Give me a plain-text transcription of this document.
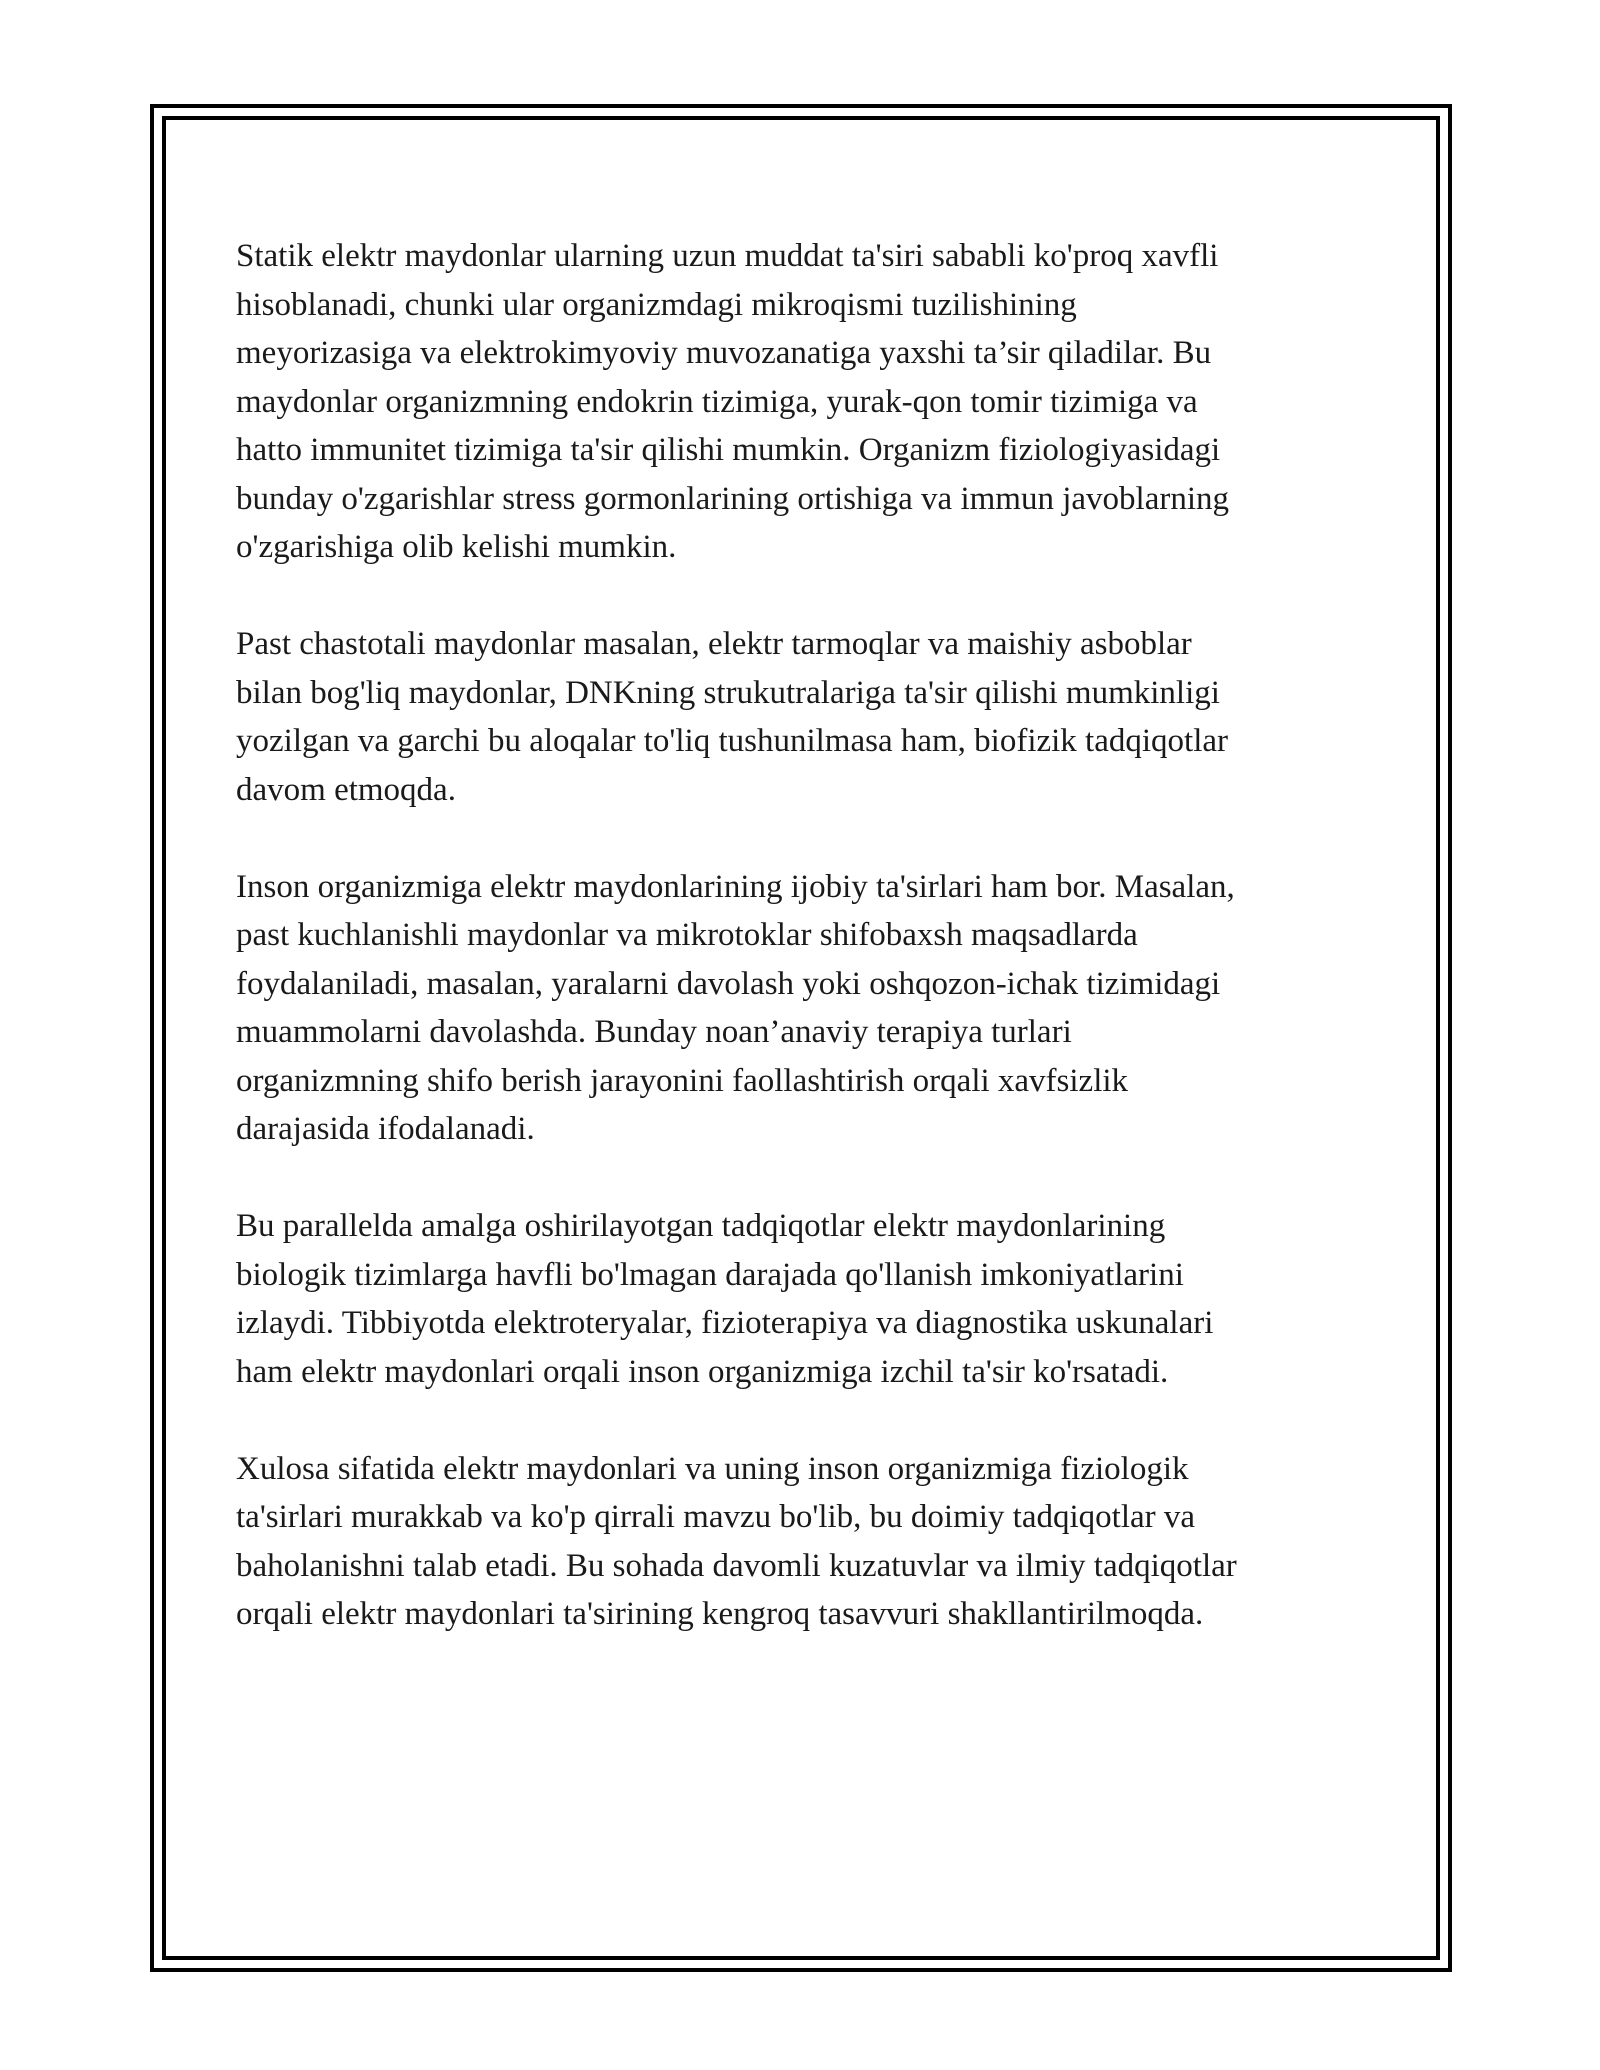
Statik elektr maydonlar ularning uzun muddat ta'siri sababli ko'proq xavfli
hisoblanadi, chunki ular organizmdagi mikroqismi tuzilishining
meyorizasiga va elektrokimyoviy muvozanatiga yaxshi ta’sir qiladilar. Bu
maydonlar organizmning endokrin tizimiga, yurak-qon tomir tizimiga va
hatto immunitet tizimiga ta'sir qilishi mumkin. Organizm fiziologiyasidagi
bunday o'zgarishlar stress gormonlarining ortishiga va immun javoblarning
o'zgarishiga olib kelishi mumkin.

Past chastotali maydonlar masalan, elektr tarmoqlar va maishiy asboblar
bilan bog'liq maydonlar, DNKning strukutralariga ta'sir qilishi mumkinligi
yozilgan va garchi bu aloqalar to'liq tushunilmasa ham, biofizik tadqiqotlar
davom etmoqda.

Inson organizmiga elektr maydonlarining ijobiy ta'sirlari ham bor. Masalan,
past kuchlanishli maydonlar va mikrotoklar shifobaxsh maqsadlarda
foydalaniladi, masalan, yaralarni davolash yoki oshqozon-ichak tizimidagi
muammolarni davolashda. Bunday noan’anaviy terapiya turlari
organizmning shifo berish jarayonini faollashtirish orqali xavfsizlik
darajasida ifodalanadi.

Bu parallelda amalga oshirilayotgan tadqiqotlar elektr maydonlarining
biologik tizimlarga havfli bo'lmagan darajada qo'llanish imkoniyatlarini
izlaydi. Tibbiyotda elektroteryalar, fizioterapiya va diagnostika uskunalari
ham elektr maydonlari orqali inson organizmiga izchil ta'sir ko'rsatadi.

Xulosa sifatida elektr maydonlari va uning inson organizmiga fiziologik
ta'sirlari murakkab va ko'p qirrali mavzu bo'lib, bu doimiy tadqiqotlar va
baholanishni talab etadi. Bu sohada davomli kuzatuvlar va ilmiy tadqiqotlar
orqali elektr maydonlari ta'sirining kengroq tasavvuri shakllantirilmoqda.
